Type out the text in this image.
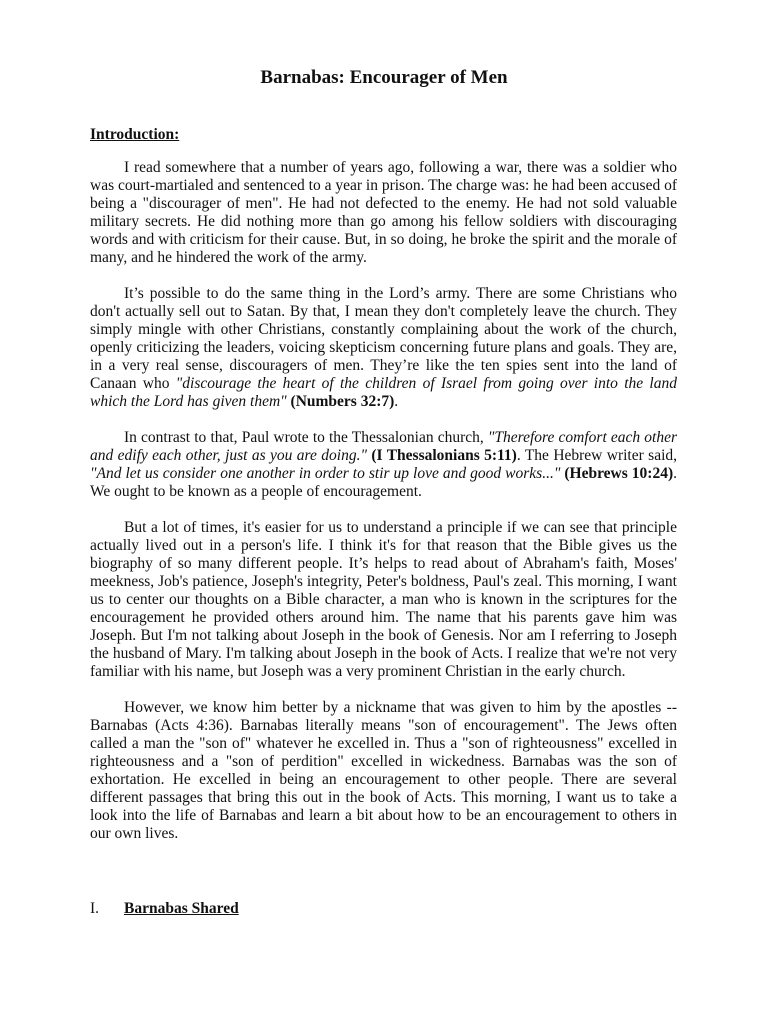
Barnabas: Encourager of Men
Introduction:

I read somewhere that a number of years ago, following a war, there was a soldier who was court-martialed and sentenced to a year in prison. The charge was: he had been accused of being a "discourager of men". He had not defected to the enemy. He had not sold valuable military secrets. He did nothing more than go among his fellow soldiers with discouraging words and with criticism for their cause. But, in so doing, he broke the spirit and the morale of many, and he hindered the work of the army.

It’s possible to do the same thing in the Lord’s army. There are some Christians who don't actually sell out to Satan. By that, I mean they don't completely leave the church. They simply mingle with other Christians, constantly complaining about the work of the church, openly criticizing the leaders, voicing skepticism concerning future plans and goals. They are, in a very real sense, discouragers of men. They’re like the ten spies sent into the land of Canaan who "discourage the heart of the children of Israel from going over into the land which the Lord has given them" (Numbers 32:7).

In contrast to that, Paul wrote to the Thessalonian church, "Therefore comfort each other and edify each other, just as you are doing." (I Thessalonians 5:11). The Hebrew writer said, "And let us consider one another in order to stir up love and good works..." (Hebrews 10:24). We ought to be known as a people of encouragement.

But a lot of times, it's easier for us to understand a principle if we can see that principle actually lived out in a person's life. I think it's for that reason that the Bible gives us the biography of so many different people. It’s helps to read about of Abraham's faith, Moses' meekness, Job's patience, Joseph's integrity, Peter's boldness, Paul's zeal. This morning, I want us to center our thoughts on a Bible character, a man who is known in the scriptures for the encouragement he provided others around him. The name that his parents gave him was Joseph. But I'm not talking about Joseph in the book of Genesis. Nor am I referring to Joseph the husband of Mary. I'm talking about Joseph in the book of Acts. I realize that we're not very familiar with his name, but Joseph was a very prominent Christian in the early church.

However, we know him better by a nickname that was given to him by the apostles -- Barnabas (Acts 4:36). Barnabas literally means "son of encouragement". The Jews often called a man the "son of" whatever he excelled in. Thus a "son of righteousness" excelled in righteousness and a "son of perdition" excelled in wickedness. Barnabas was the son of exhortation. He excelled in being an encouragement to other people. There are several different passages that bring this out in the book of Acts. This morning, I want us to take a look into the life of Barnabas and learn a bit about how to be an encouragement to others in our own lives.

I. Barnabas Shared
